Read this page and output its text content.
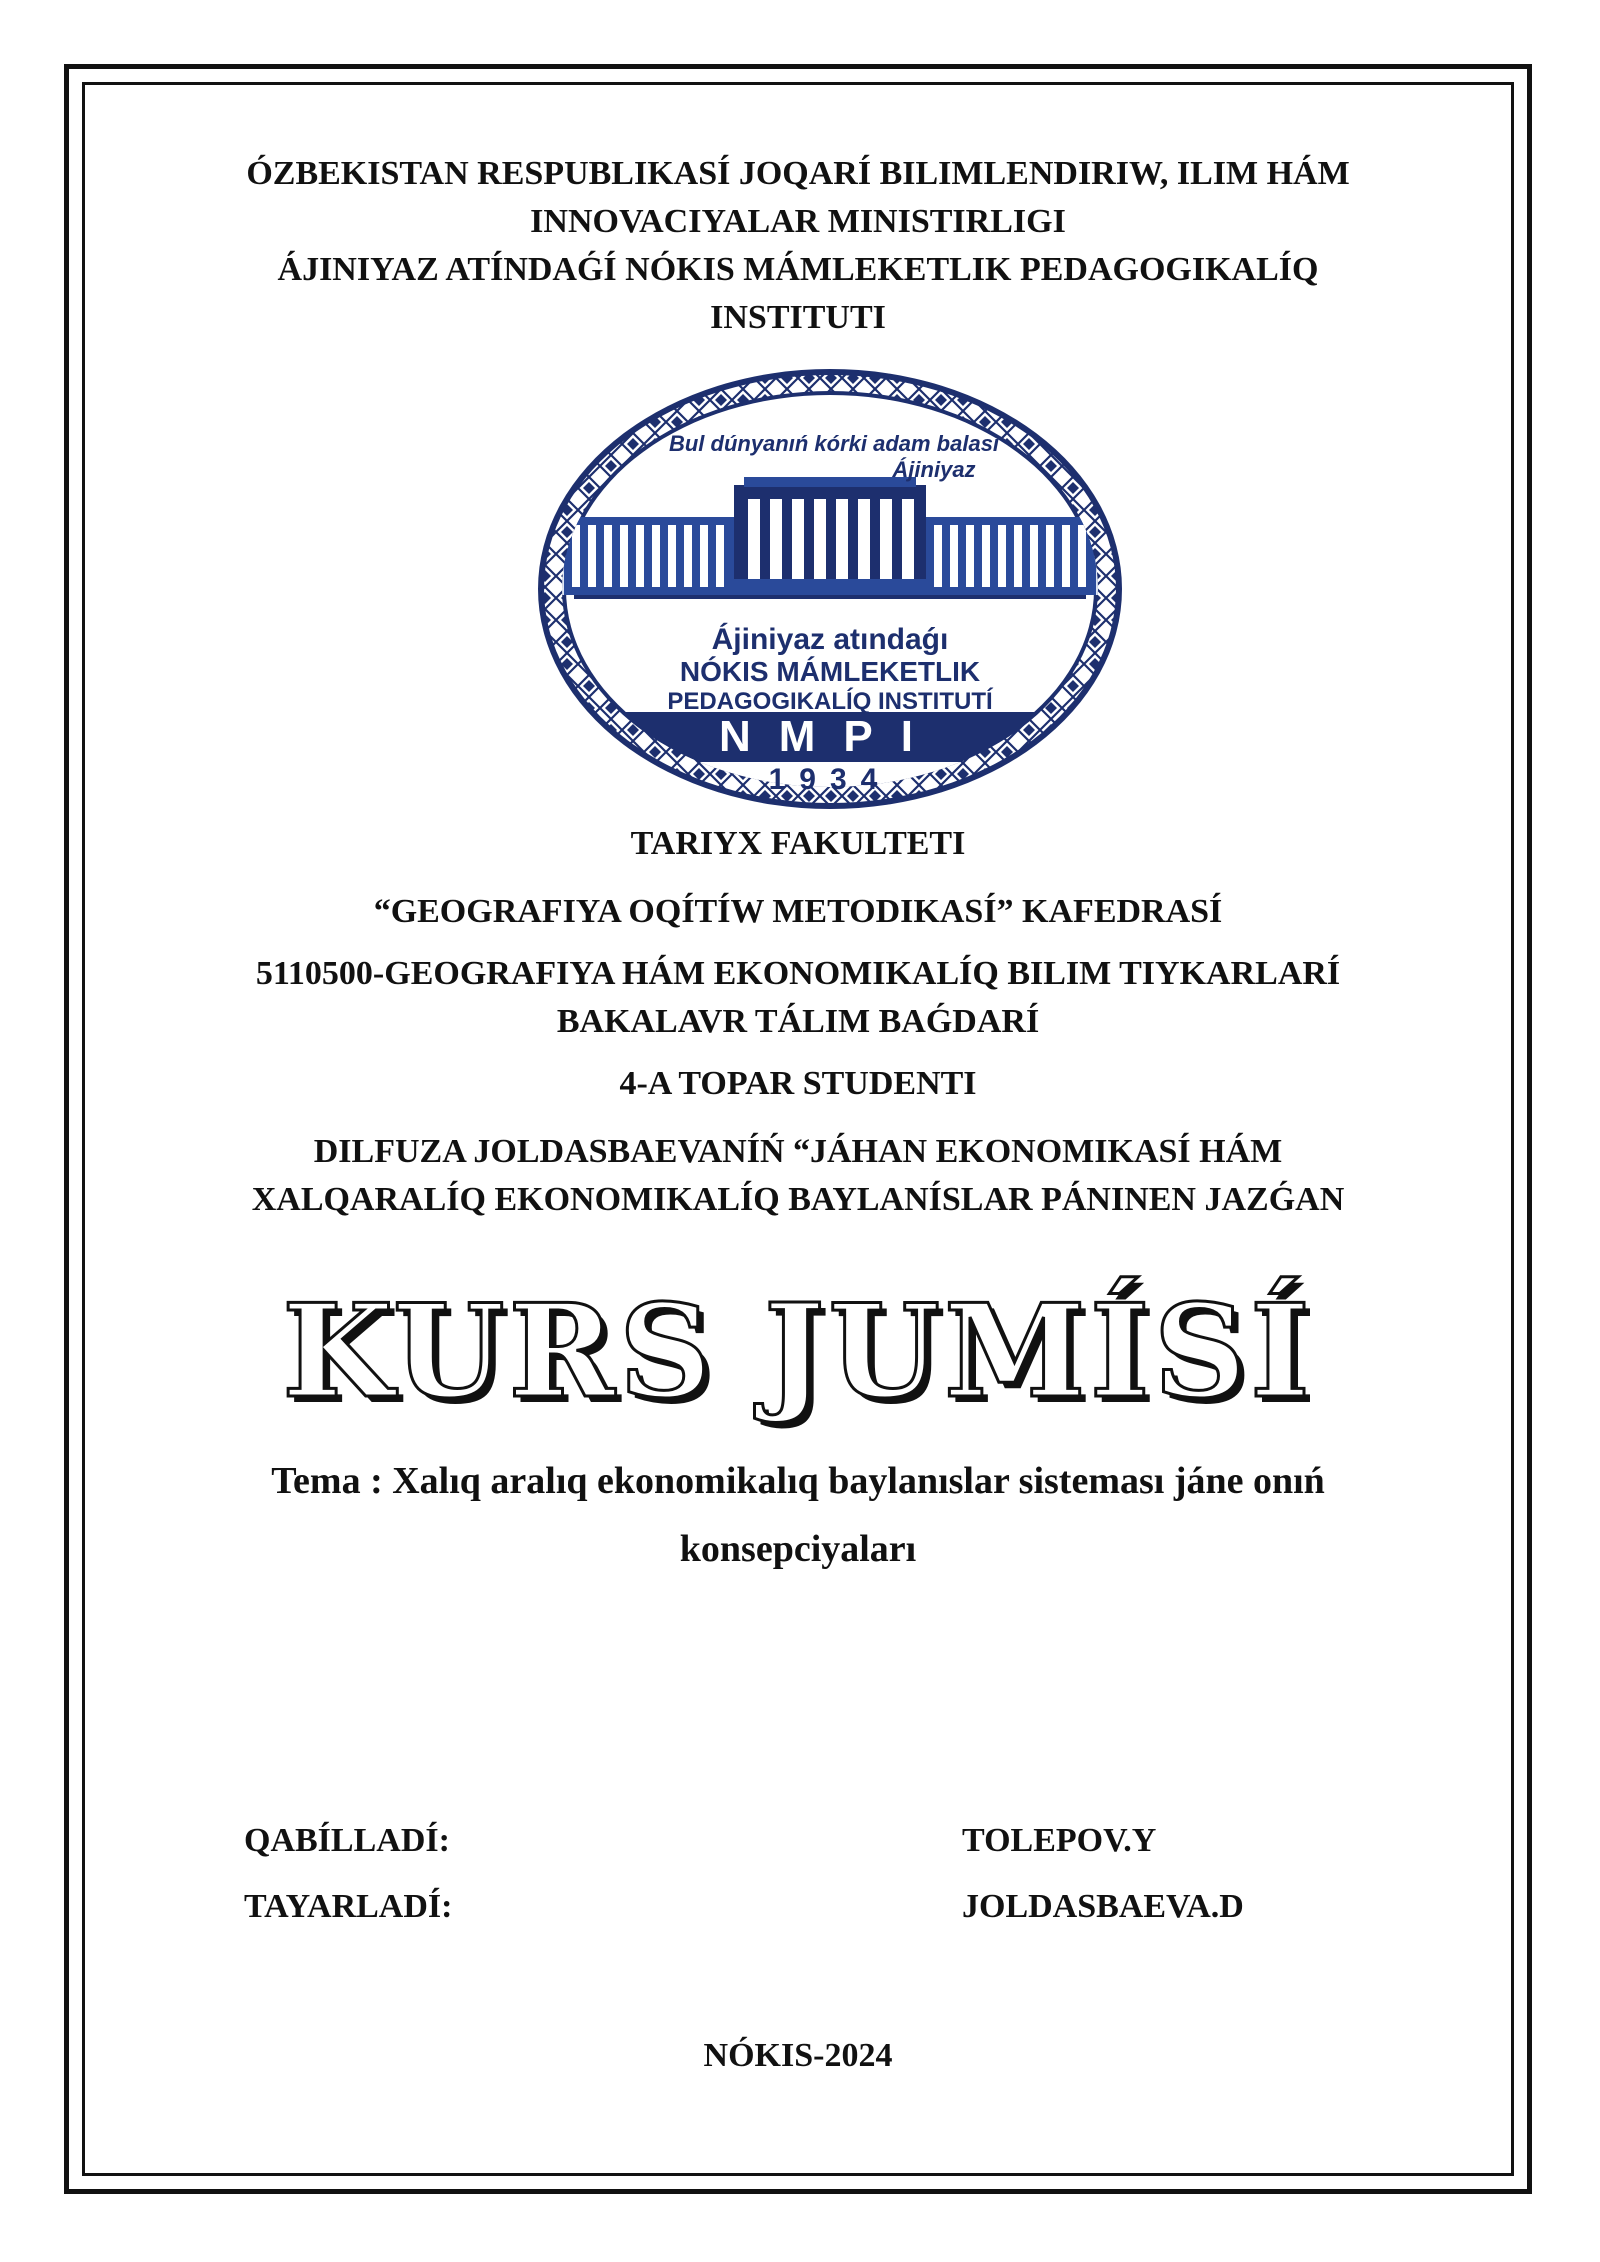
ÓZBEKISTAN RESPUBLIKASÍ JOQARÍ BILIMLENDIRIW, ILIM HÁM
INNOVACIYALAR MINISTIRLIGI
ÁJINIYAZ ATÍNDAǴÍ NÓKIS MÁMLEKETLIK PEDAGOGIKALÍQ
INSTITUTI
Bul dúnyanıń kórki adam balası
Ájiniyaz
Ájiniyaz atındaǵı
NÓKIS MÁMLEKETLIK
PEDAGOGIKALÍQ INSTITUTÍ
NMPI
1934
TARIYX FAKULTETI
“GEOGRAFIYA OQÍTÍW METODIKASÍ” KAFEDRASÍ
5110500-GEOGRAFIYA HÁM EKONOMIKALÍQ BILIM TIYKARLARÍ
BAKALAVR TÁLIM BAǴDARÍ
4-A TOPAR STUDENTI
DILFUZA JOLDASBAEVANÍŃ “JÁHAN EKONOMIKASÍ HÁM
XALQARALÍQ EKONOMIKALÍQ BAYLANÍSLAR PÁNINEN JAZǴAN
KURS JUMÍSÍ
Tema : Xalıq aralıq ekonomikalıq baylanıslar sisteması jáne onıń
konsepciyaları
QABÍLLADÍ:	TOLEPOV.Y
TAYARLADÍ:	JOLDASBAEVA.D
NÓKIS-2024
